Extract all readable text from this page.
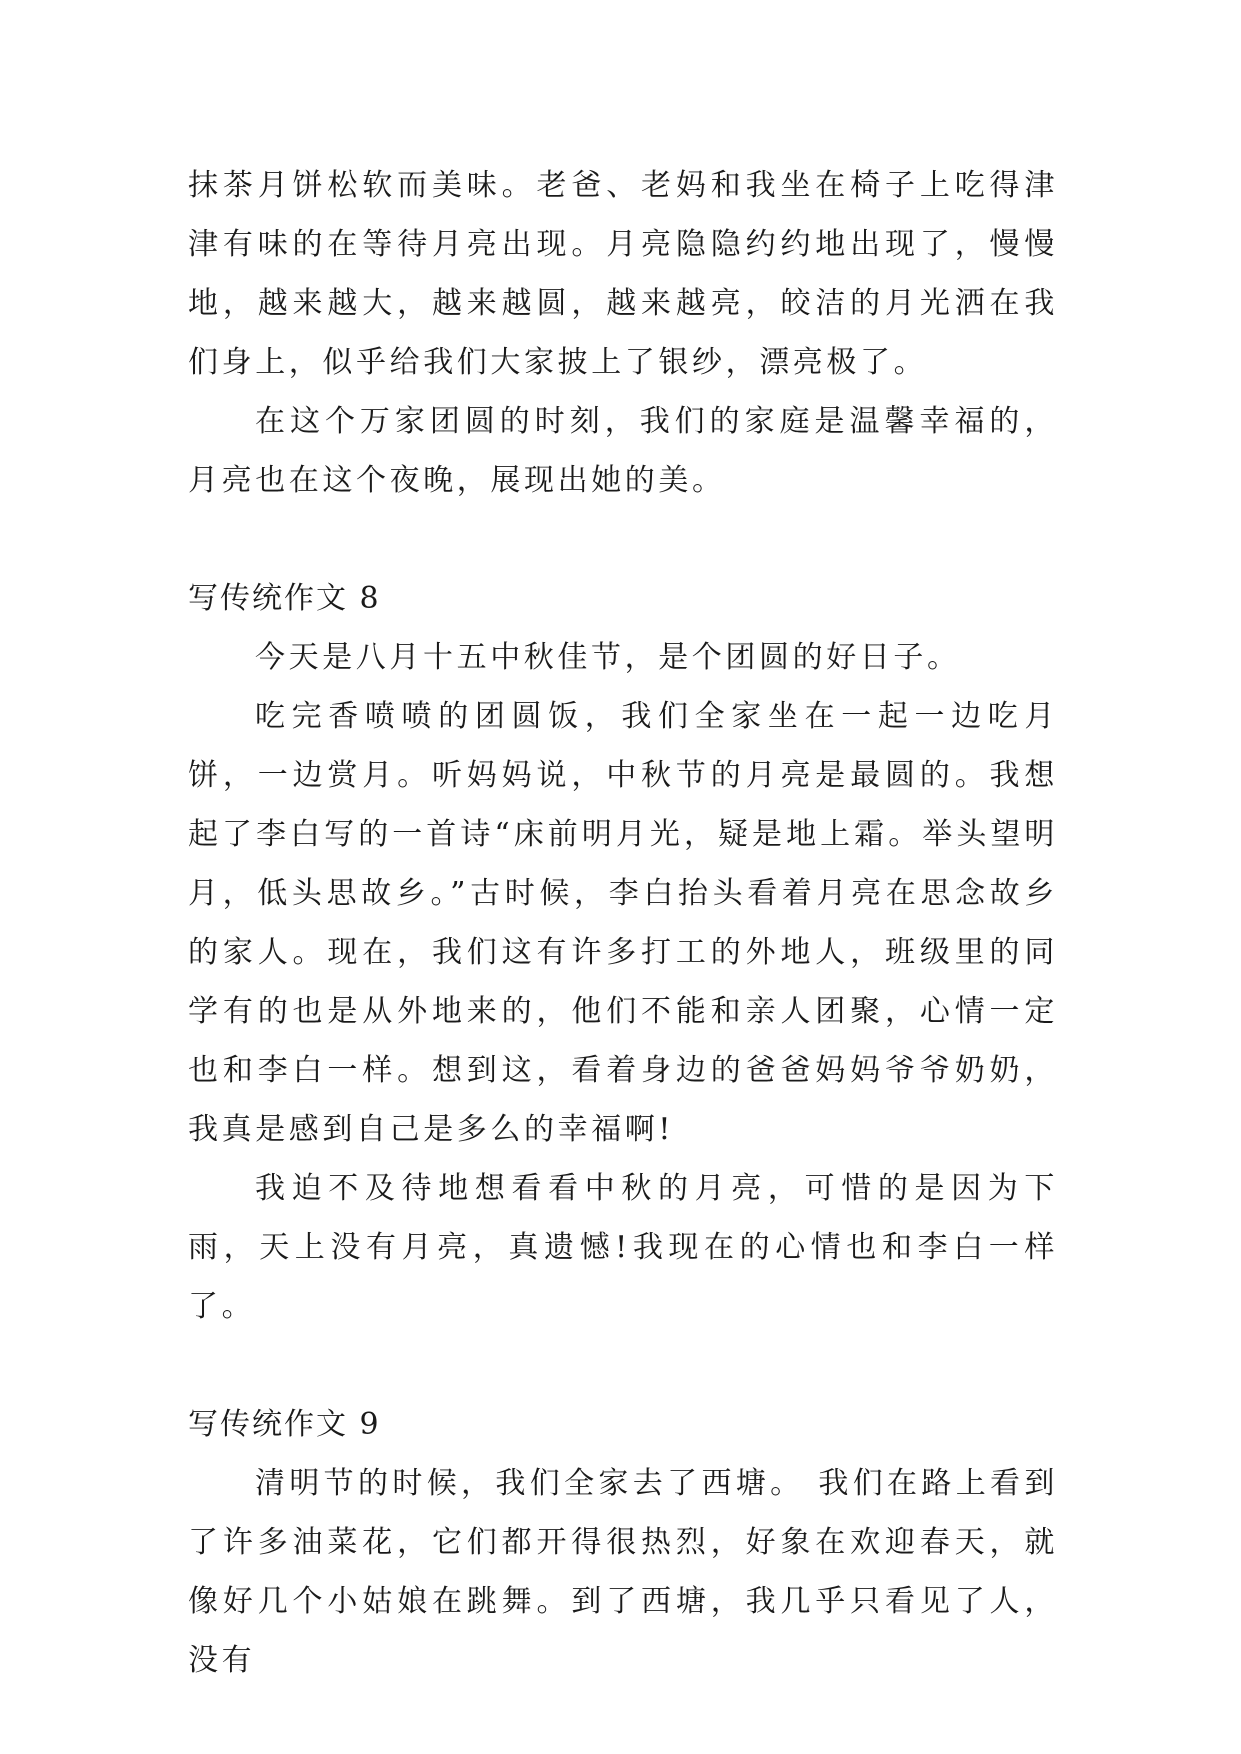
抹茶月饼松软而美味。老爸、老妈和我坐在椅子上吃得津津有味的在等待月亮出现。月亮隐隐约约地出现了，慢慢地，越来越大，越来越圆，越来越亮，皎洁的月光洒在我们身上，似乎给我们大家披上了银纱，漂亮极了。

在这个万家团圆的时刻，我们的家庭是温馨幸福的，月亮也在这个夜晚，展现出她的美。

写传统作文 8

今天是八月十五中秋佳节，是个团圆的好日子。

吃完香喷喷的团圆饭，我们全家坐在一起一边吃月饼，一边赏月。听妈妈说，中秋节的月亮是最圆的。我想起了李白写的一首诗“床前明月光，疑是地上霜。举头望明月，低头思故乡。”古时候，李白抬头看着月亮在思念故乡的家人。现在，我们这有许多打工的外地人，班级里的同学有的也是从外地来的，他们不能和亲人团聚，心情一定也和李白一样。想到这，看着身边的爸爸妈妈爷爷奶奶，我真是感到自己是多么的幸福啊!

我迫不及待地想看看中秋的月亮，可惜的是因为下雨，天上没有月亮，真遗憾!我现在的心情也和李白一样了。

写传统作文 9

清明节的时候，我们全家去了西塘。 我们在路上看到了许多油菜花，它们都开得很热烈，好象在欢迎春天，就像好几个小姑娘在跳舞。到了西塘，我几乎只看见了人，没有
